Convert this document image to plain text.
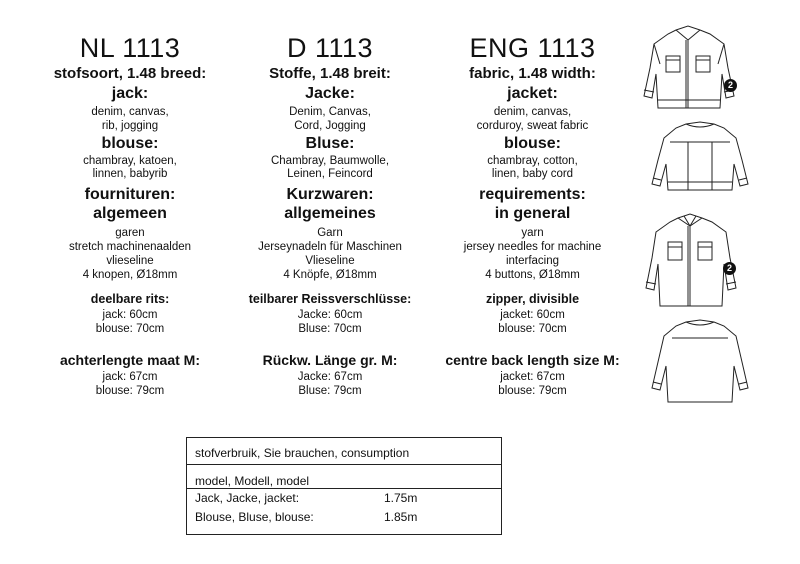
NL 1113
stofsoort, 1.48 breed:
jack:
denim, canvas,
rib, jogging
blouse:
chambray, katoen,
linnen, babyrib
fournituren:
algemeen
garen
stretch machinenaalden
vlieseline
4 knopen, Ø18mm
deelbare rits:
jack: 60cm
blouse: 70cm
achterlengte maat M:
jack: 67cm
blouse: 79cm
D 1113
Stoffe, 1.48 breit:
Jacke:
Denim, Canvas,
Cord, Jogging
Bluse:
Chambray, Baumwolle,
Leinen, Feincord
Kurzwaren:
allgemeines
Garn
Jerseynadeln für Maschinen
Vlieseline
4 Knöpfe, Ø18mm
teilbarer Reissverschlüsse:
Jacke: 60cm
Bluse: 70cm
Rückw. Länge gr. M:
Jacke: 67cm
Bluse: 79cm
ENG 1113
fabric, 1.48 width:
jacket:
denim, canvas,
corduroy, sweat fabric
blouse:
chambray, cotton,
linen, baby cord
requirements:
in general
yarn
jersey needles for machine
interfacing
4 buttons, Ø18mm
zipper, divisible
jacket: 60cm
blouse: 70cm
centre back length size M:
jacket: 67cm
blouse: 79cm
stofverbruik, Sie brauchen, consumption
model, Modell, model
Jack, Jacke, jacket:	1.75m
Blouse, Bluse, blouse:	1.85m
2
2
